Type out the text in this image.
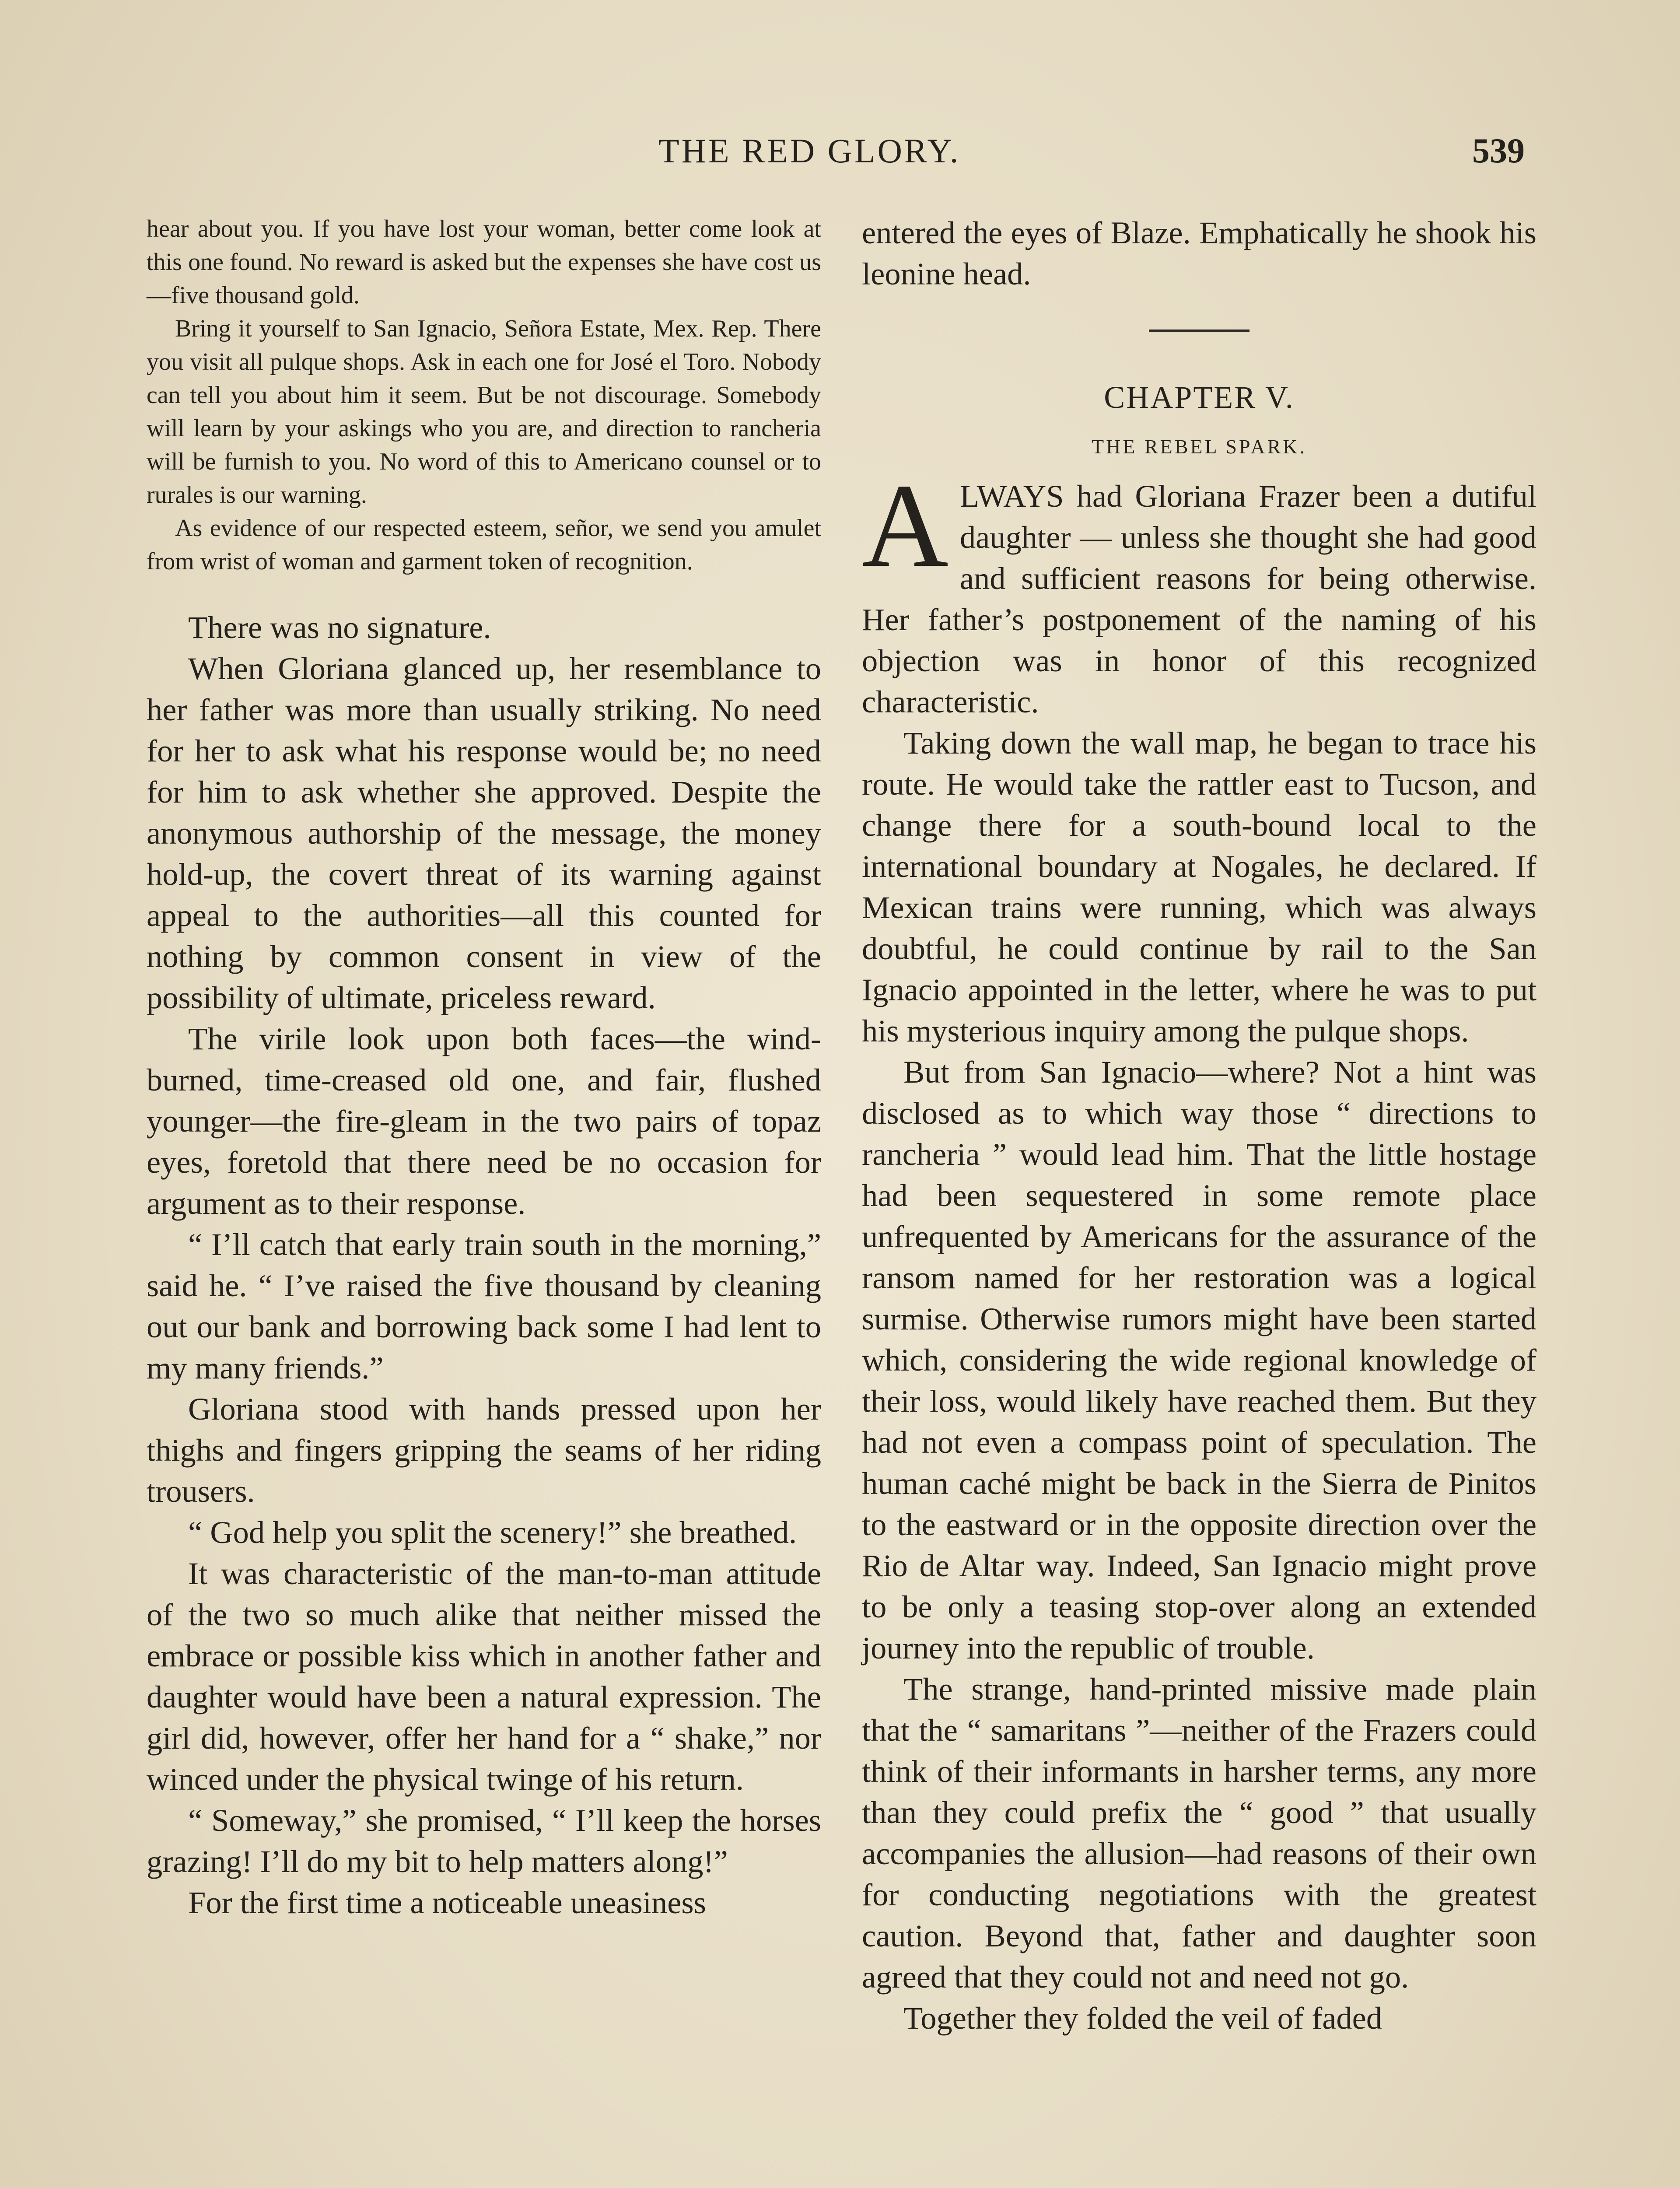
THE RED GLORY.	539

hear about you. If you have lost your woman, better come look at this one found. No reward is asked but the expenses she have cost us—five thousand gold.

Bring it yourself to San Ignacio, Señora Estate, Mex. Rep. There you visit all pulque shops. Ask in each one for José el Toro. Nobody can tell you about him it seem. But be not discourage. Somebody will learn by your askings who you are, and direction to rancheria will be furnish to you. No word of this to Americano counsel or to rurales is our warning.

As evidence of our respected esteem, señor, we send you amulet from wrist of woman and garment token of recognition.

There was no signature.

When Gloriana glanced up, her resemblance to her father was more than usually striking. No need for her to ask what his response would be; no need for him to ask whether she approved. Despite the anonymous authorship of the message, the money hold-up, the covert threat of its warning against appeal to the authorities—all this counted for nothing by common consent in view of the possibility of ultimate, priceless reward.

The virile look upon both faces—the wind-burned, time-creased old one, and fair, flushed younger—the fire-gleam in the two pairs of topaz eyes, foretold that there need be no occasion for argument as to their response.

“ I’ll catch that early train south in the morning,” said he. “ I’ve raised the five thousand by cleaning out our bank and borrowing back some I had lent to my many friends.”

Gloriana stood with hands pressed upon her thighs and fingers gripping the seams of her riding trousers.

“ God help you split the scenery!” she breathed.

It was characteristic of the man-to-man attitude of the two so much alike that neither missed the embrace or possible kiss which in another father and daughter would have been a natural expression. The girl did, however, offer her hand for a “ shake,” nor winced under the physical twinge of his return.

“ Someway,” she promised, “ I’ll keep the horses grazing! I’ll do my bit to help matters along!”

For the first time a noticeable uneasiness

entered the eyes of Blaze. Emphatically he shook his leonine head.

CHAPTER V.

THE REBEL SPARK.

ALWAYS had Gloriana Frazer been a dutiful daughter — unless she thought she had good and sufficient reasons for being otherwise. Her father’s postponement of the naming of his objection was in honor of this recognized characteristic.

Taking down the wall map, he began to trace his route. He would take the rattler east to Tucson, and change there for a south-bound local to the international boundary at Nogales, he declared. If Mexican trains were running, which was always doubtful, he could continue by rail to the San Ignacio appointed in the letter, where he was to put his mysterious inquiry among the pulque shops.

But from San Ignacio—where? Not a hint was disclosed as to which way those “ directions to rancheria ” would lead him. That the little hostage had been sequestered in some remote place unfrequented by Americans for the assurance of the ransom named for her restoration was a logical surmise. Otherwise rumors might have been started which, considering the wide regional knowledge of their loss, would likely have reached them. But they had not even a compass point of speculation. The human caché might be back in the Sierra de Pinitos to the eastward or in the opposite direction over the Rio de Altar way. Indeed, San Ignacio might prove to be only a teasing stop-over along an extended journey into the republic of trouble.

The strange, hand-printed missive made plain that the “ samaritans ”—neither of the Frazers could think of their informants in harsher terms, any more than they could prefix the “ good ” that usually accompanies the allusion—had reasons of their own for conducting negotiations with the greatest caution. Beyond that, father and daughter soon agreed that they could not and need not go.

Together they folded the veil of faded
